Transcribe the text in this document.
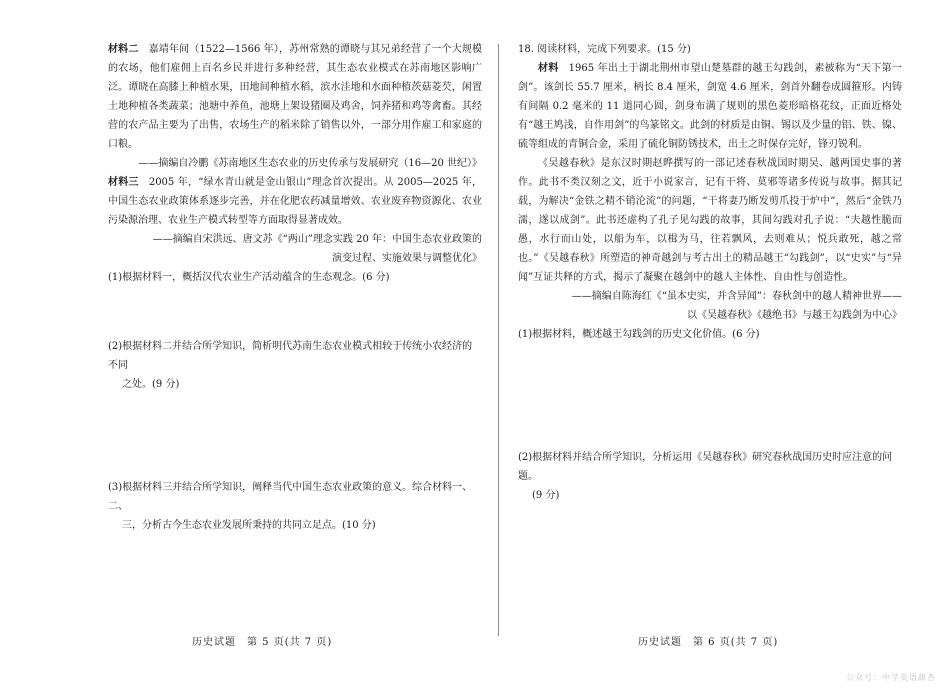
材料二  嘉靖年间（1522—1566 年），苏州常熟的谭晓与其兄弟经营了一个大规模的农场，他们雇佣上百名乡民并进行多种经营，其生态农业模式在苏南地区影响广泛。谭晓在高膝上种植水果，田地间种植水稻，滨水洼地和水面种植茨菇菱芡，闲置土地种植各类蔬菜；池塘中养鱼，池塘上架设猪圈及鸡舍，饲养猪和鸡等禽畜。其经营的农产品主要为了出售，农场生产的稻米除了销售以外，一部分用作雇工和家庭的口粮。

——摘编自冷鹏《苏南地区生态农业的历史传承与发展研究（16—20 世纪）》

材料三  2005 年，“绿水青山就是金山银山”理念首次提出。从 2005—2025 年，中国生态农业政策体系逐步完善，并在化肥农药减量增效、农业废弃物资源化、农业污染源治理、农业生产模式转型等方面取得显著成效。

——摘编自宋洪远、唐文苏《“两山”理念实践 20 年：中国生态农业政策的

演变过程、实施效果与调整优化》

(1)根据材料一，概括汉代农业生产活动蕴含的生态观念。(6 分)

(2)根据材料二并结合所学知识，简析明代苏南生态农业模式相较于传统小农经济的不同
之处。(9 分)

(3)根据材料三并结合所学知识，阐释当代中国生态农业政策的意义。综合材料一、二、
三，分析古今生态农业发展所秉持的共同立足点。(10 分)

18. 阅读材料，完成下列要求。(15 分)

材料  1965 年出土于湖北荆州市望山楚墓群的越王勾践剑，素被称为“天下第一剑”。该剑长 55.7 厘米，柄长 8.4 厘米，剑宽 4.6 厘米，剑首外翻卷成圆箍形。内铸有间隔 0.2 毫米的 11 道同心圆，剑身布满了规则的黑色菱形暗格花纹，正面近格处有“越王鸠浅，自作用剑”的鸟篆铭文。此剑的材质是由铜、锡以及少量的铝、铁、镍、硫等组成的青铜合金，采用了硫化铜防锈技术，出土之时保存完好，锋刃锐利。

《吴越春秋》是东汉时期赵晔撰写的一部记述春秋战国时期吴、越两国史事的著作。此书不类汉刻之文，近于小说家言，记有干将、莫邪等诸多传说与故事。据其记载，为解决“金铁之精不销沦流”的问题，“干将妻乃断发剪爪投于炉中”，然后“金铁乃濡，遂以成剑”。此书还虚构了孔子见勾践的故事，其间勾践对孔子说：“夫越性脆而愚，水行而山处，以船为车，以楫为马，往若飘风，去则难从；悦兵敢死，越之常也。”《吴越春秋》所塑造的神奇越剑与考古出土的精品越王“勾践剑”，以“史实”与“异闻”互证共释的方式，揭示了凝聚在越剑中的越人主体性、自由性与创造性。

——摘编自陈海红《“虽本史实，并含异闻”：春秋剑中的越人精神世界——

以《吴越春秋》《越绝书》与越王勾践剑为中心》

(1)根据材料，概述越王勾践剑的历史文化价值。(6 分)

(2)根据材料并结合所学知识，分析运用《吴越春秋》研究春秋战国历史时应注意的问题。
(9 分)

历史试题　第 5 页(共 7 页)	历史试题　第 6 页(共 7 页)
公众号：中学英语甜杏
